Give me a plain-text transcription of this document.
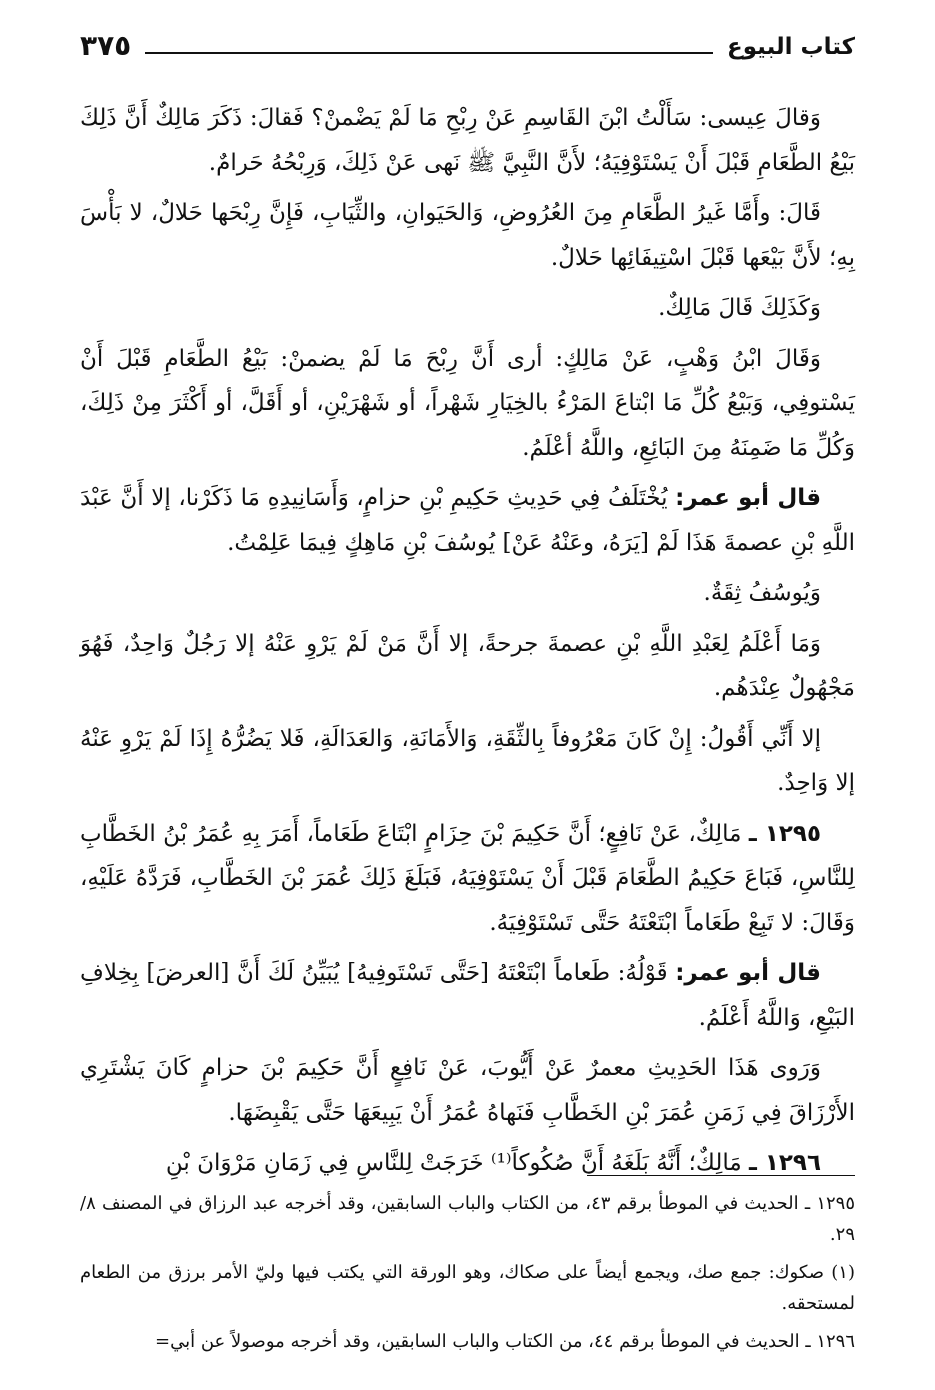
كتاب البيوع
٣٧٥

وَقالَ عِيسى: سَأَلْتُ ابْنَ القَاسِمِ عَنْ رِبْحِ مَا لَمْ يَضْمنْ؟ فَقالَ: ذَكَرَ مَالِكٌ أَنَّ ذَلِكَ بَيْعُ الطَّعَامِ قَبْلَ أَنْ يَسْتَوْفِيَهُ؛ لأَنَّ النَّبِيَّ ﷺ نَهى عَنْ ذَلِكَ، وَرِبْحُهُ حَرامٌ.

قَالَ: وأَمَّا غَيرُ الطَّعَامِ مِنَ العُرُوضِ، وَالحَيَوانِ، والثِّيَابِ، فَإِنَّ رِبْحَها حَلالٌ، لا بَأْسَ بِهِ؛ لأَنَّ بَيْعَها قَبْلَ اسْتِيفَائِها حَلالٌ.

وَكَذَلِكَ قَالَ مَالِكٌ.

وَقَالَ ابْنُ وَهْبٍ، عَنْ مَالِكٍ: أرى أَنَّ رِبْحَ مَا لَمْ يضمنْ: بَيْعُ الطَّعَامِ قَبْلَ أَنْ يَسْتوفِي، وَبَيْعُ كُلِّ مَا ابْتاعَ المَرْءُ بالخِيَارِ شَهْراً، أو شَهْرَيْنِ، أو أَقَلَّ، أو أَكْثَرَ مِنْ ذَلِكَ، وَكُلِّ مَا ضَمِنَهُ مِنَ البَائِعِ، واللَّهُ أعْلَمُ.

قال أبو عمر: يُخْتَلَفُ فِي حَدِيثِ حَكِيمِ بْنِ حزامٍ، وَأَسَانِيدِهِ مَا ذَكَرْنا، إلا أَنَّ عَبْدَ اللَّهِ بْنِ عصمةَ هَذَا لَمْ [يَرَهُ، وعَنْهُ عَنْ] يُوسُفَ بْنِ مَاهِكٍ فِيمَا عَلِمْتُ.

وَيُوسُفُ ثِقَةٌ.

وَمَا أَعْلَمُ لِعَبْدِ اللَّهِ بْنِ عصمةَ جرحةً، إلا أَنَّ مَنْ لَمْ يَرْوِ عَنْهُ إلا رَجُلٌ وَاحِدٌ، فَهُوَ مَجْهُولٌ عِنْدَهُم.

إلا أَنِّي أَقُولُ: إِنْ كَانَ مَعْرُوفاً بِالثِّقَةِ، وَالأَمَانَةِ، وَالعَدَالَةِ، فَلا يَضُرُّهُ إِذَا لَمْ يَرْوِ عَنْهُ إلا وَاحِدٌ.

١٢٩٥ ـ مَالِكٌ، عَنْ نَافِعٍ؛ أَنَّ حَكِيمَ بْنَ حِزَامٍ ابْتَاعَ طَعَاماً، أَمَرَ بِهِ عُمَرُ بْنُ الخَطَّابِ لِلنَّاسِ، فَبَاعَ حَكِيمُ الطَّعَامَ قَبْلَ أَنْ يَسْتَوْفِيَهُ، فَبَلَغَ ذَلِكَ عُمَرَ بْنَ الخَطَّابِ، فَرَدَّهُ عَلَيْهِ، وَقَالَ: لا تَبِعْ طَعَاماً ابْتَعْتَهُ حَتَّى تَسْتَوْفِيَهُ.

قال أبو عمر: قَوْلُهُ: طَعاماً ابْتَعْتَهُ [حَتَّى تَسْتَوفِيهُ] يُبَيِّنُ لَكَ أَنَّ [العرضَ] بِخِلافِ البَيْعِ، وَاللَّهُ أَعْلَمُ.

وَرَوى هَذَا الحَدِيثِ معمرٌ عَنْ أَيُّوبَ، عَنْ نَافِعٍ أَنَّ حَكِيمَ بْنَ حزامٍ كَانَ يَشْتَرِي الأَرْزَاقَ فِي زَمَنِ عُمَرَ بْنِ الخَطَّابِ فَنَهاهُ عُمَرُ أَنْ يَبِيعَهَا حَتَّى يَقْبِضَهَا.

١٢٩٦ ـ مَالِكٌ؛ أَنَّهُ بَلَغَهُ أَنَّ صُكُوكاً⁽¹⁾ خَرَجَتْ لِلنَّاسِ فِي زَمَانِ مَرْوَانَ بْنِ

١٢٩٥ ـ الحديث في الموطأ برقم ٤٣، من الكتاب والباب السابقين، وقد أخرجه عبد الرزاق في المصنف ٨/ ٢٩.

(١) صكوك: جمع صك، ويجمع أيضاً على صكاك، وهو الورقة التي يكتب فيها وليّ الأمر برزق من الطعام لمستحقه.

١٢٩٦ ـ الحديث في الموطأ برقم ٤٤، من الكتاب والباب السابقين، وقد أخرجه موصولاً عن أبي=
